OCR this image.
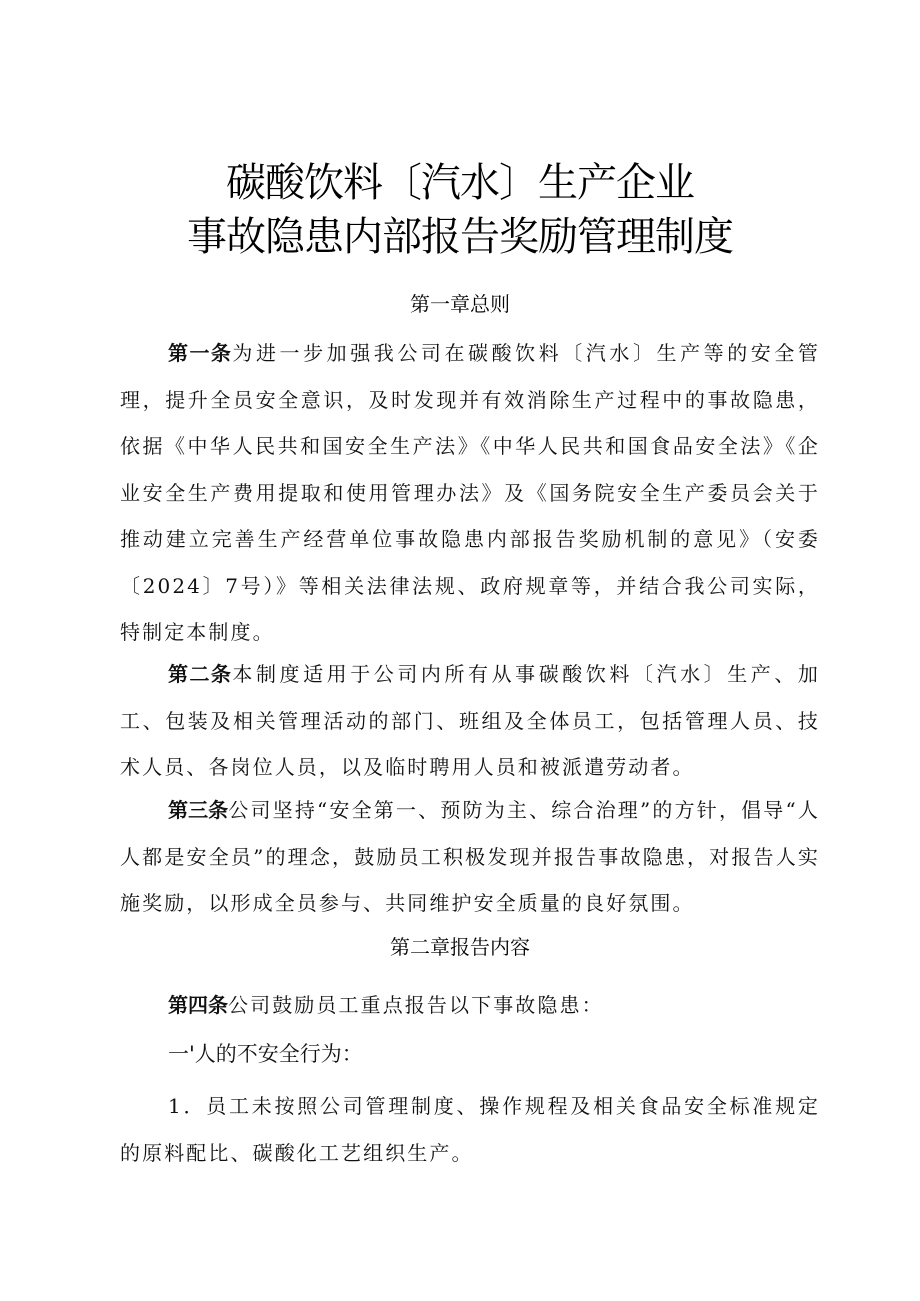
碳酸饮料〔汽水〕生产企业
事故隐患内部报告奖励管理制度
第一章总则

第一条为进一步加强我公司在碳酸饮料〔汽水〕生产等的安全管理，提升全员安全意识，及时发现并有效消除生产过程中的事故隐患，依据《中华人民共和国安全生产法》《中华人民共和国食品安全法》《企业安全生产费用提取和使用管理办法》及《国务院安全生产委员会关于推动建立完善生产经营单位事故隐患内部报告奖励机制的意见》（安委〔2024〕7号）》等相关法律法规、政府规章等，并结合我公司实际，特制定本制度。

第二条本制度适用于公司内所有从事碳酸饮料〔汽水〕生产、加工、包装及相关管理活动的部门、班组及全体员工，包括管理人员、技术人员、各岗位人员，以及临时聘用人员和被派遣劳动者。

第三条公司坚持“安全第一、预防为主、综合治理”的方针，倡导“人人都是安全员”的理念，鼓励员工积极发现并报告事故隐患，对报告人实施奖励，以形成全员参与、共同维护安全质量的良好氛围。

第二章报告内容

第四条公司鼓励员工重点报告以下事故隐患：

一'人的不安全行为：

1．员工未按照公司管理制度、操作规程及相关食品安全标准规定的原料配比、碳酸化工艺组织生产。
